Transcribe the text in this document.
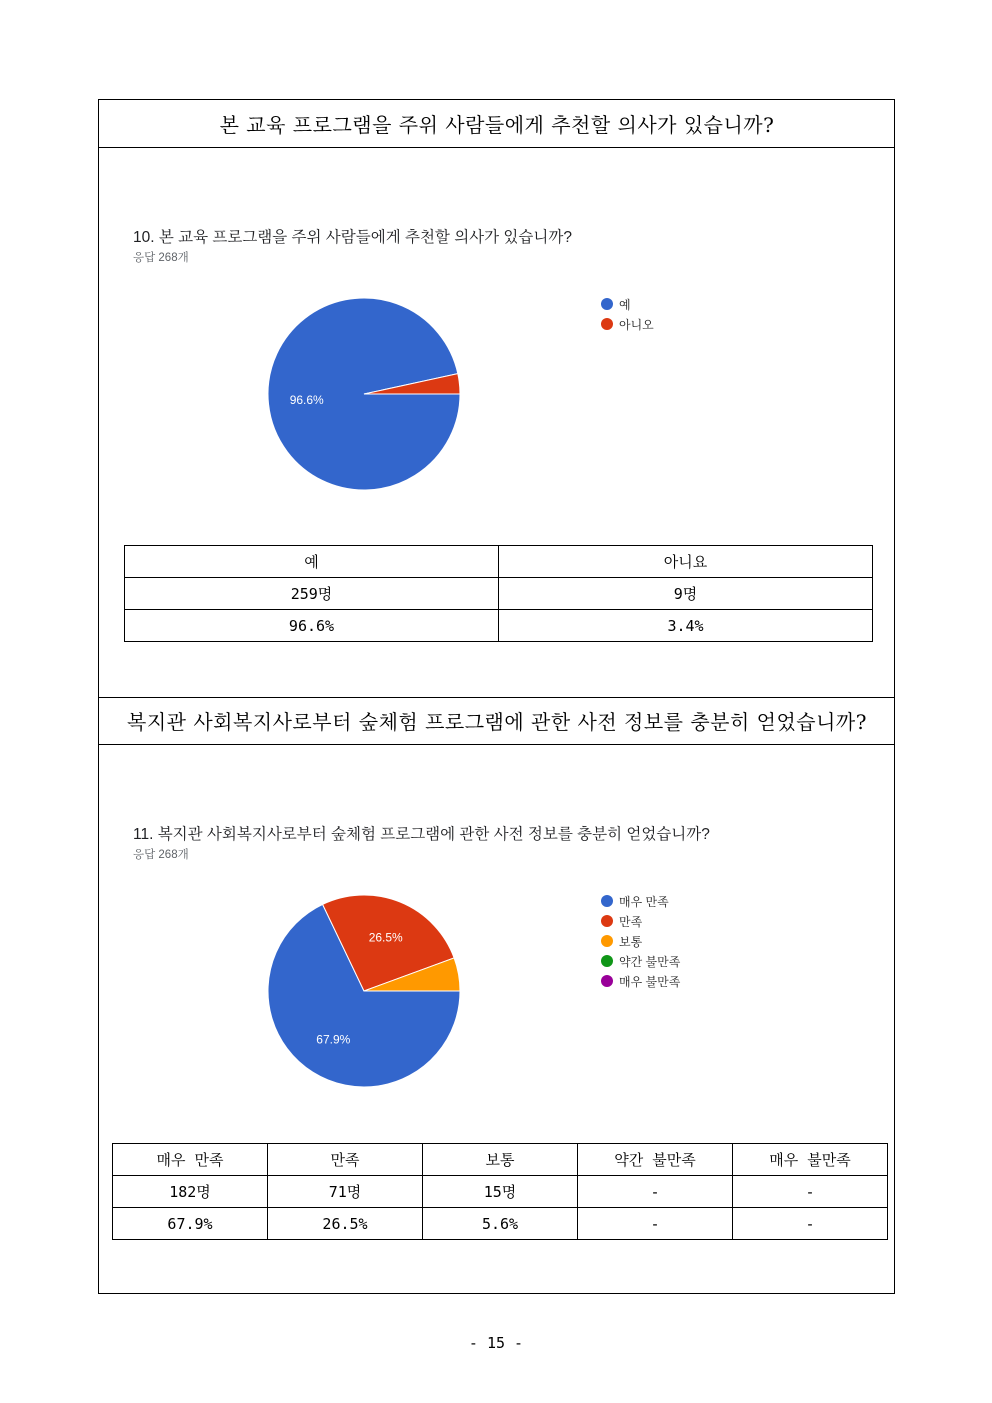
본 교육 프로그램을 주위 사람들에게 추천할 의사가 있습니까?
10. 본 교육 프로그램을 주위 사람들에게 추천할 의사가 있습니까?
응답 268개
96.6%
예
아니오
예	아니요
259명	9명
96.6%	3.4%
복지관 사회복지사로부터 숲체험 프로그램에 관한 사전 정보를 충분히 얻었습니까?
11. 복지관 사회복지사로부터 숲체험 프로그램에 관한 사전 정보를 충분히 얻었습니까?
응답 268개
67.9%
26.5%
매우 만족
만족
보통
약간 불만족
매우 불만족
매우 만족	만족	보통	약간 불만족	매우 불만족
182명	71명	15명	-	-
67.9%	26.5%	5.6%	-	-
- 15 -
